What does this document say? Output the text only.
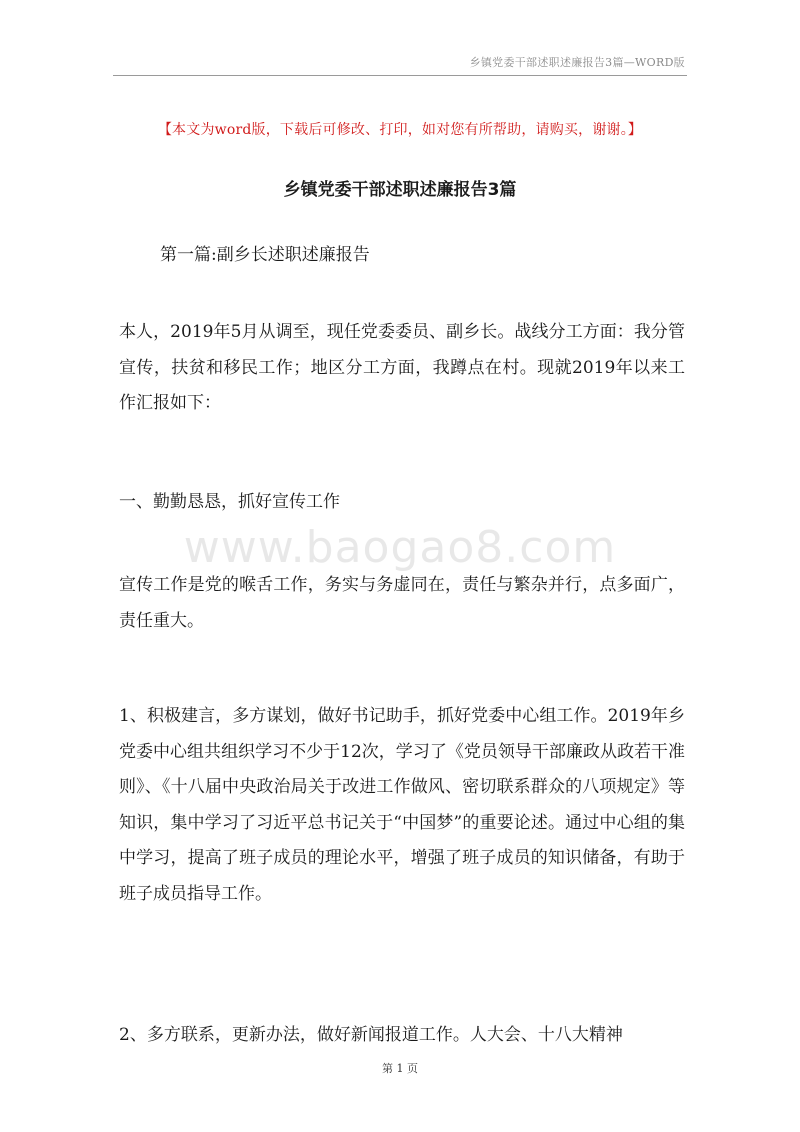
乡镇党委干部述职述廉报告3篇—WORD版
【本文为word版，下载后可修改、打印，如对您有所帮助，请购买，谢谢。】
乡镇党委干部述职述廉报告3篇
第一篇:副乡长述职述廉报告

本人，2019年5月从调至，现任党委委员、副乡长。战线分工方面：我分管宣传，扶贫和移民工作；地区分工方面，我蹲点在村。现就2019年以来工作汇报如下：

一、勤勤恳恳，抓好宣传工作

宣传工作是党的喉舌工作，务实与务虚同在，责任与繁杂并行，点多面广，责任重大。

1、积极建言，多方谋划，做好书记助手，抓好党委中心组工作。2019年乡党委中心组共组织学习不少于12次，学习了《党员领导干部廉政从政若干准则》、《十八届中央政治局关于改进工作做风、密切联系群众的八项规定》等知识，集中学习了习近平总书记关于“中国梦”的重要论述。通过中心组的集中学习，提高了班子成员的理论水平，增强了班子成员的知识储备，有助于班子成员指导工作。

2、多方联系，更新办法，做好新闻报道工作。人大会、十八大精神

www.baogao8.com
第 1 页
